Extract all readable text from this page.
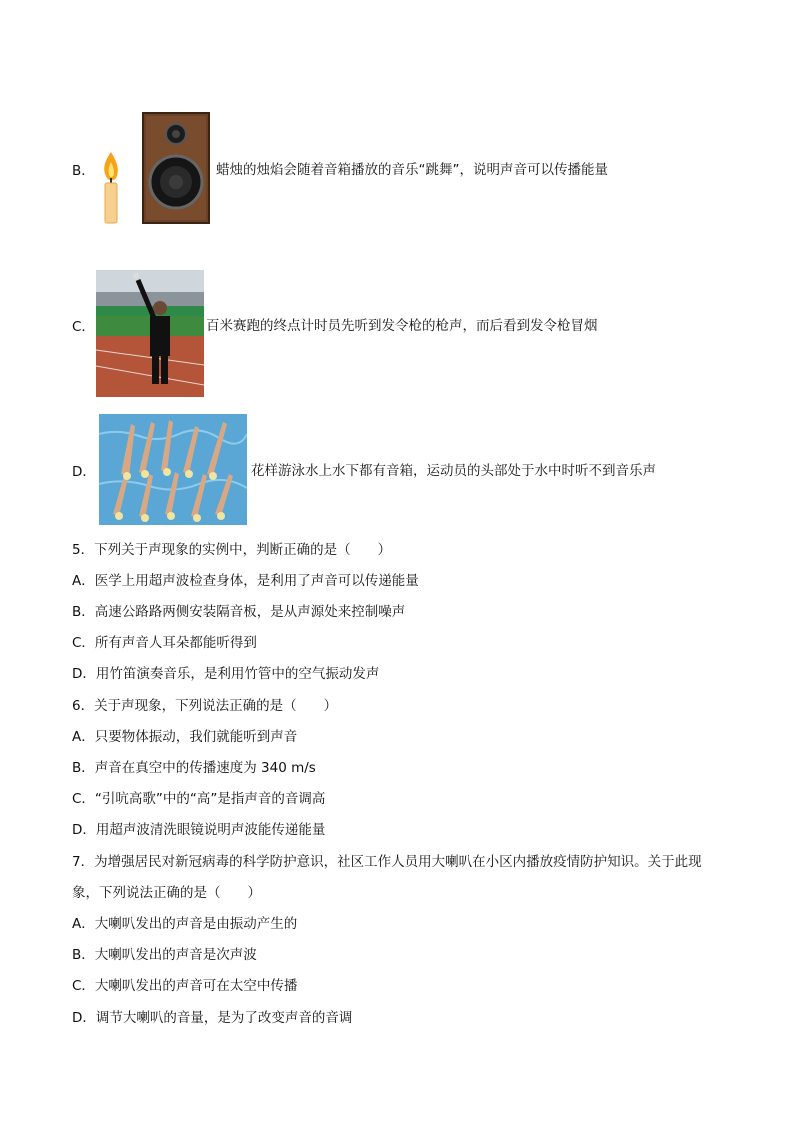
B．	蜡烛的烛焰会随着音箱播放的音乐“跳舞”，说明声音可以传播能量
C．	百米赛跑的终点计时员先听到发令枪的枪声，而后看到发令枪冒烟
D．	花样游泳水上水下都有音箱，运动员的头部处于水中时听不到音乐声
5．下列关于声现象的实例中，判断正确的是（　　）
A．医学上用超声波检查身体，是利用了声音可以传递能量
B．高速公路路两侧安装隔音板，是从声源处来控制噪声
C．所有声音人耳朵都能听得到
D．用竹笛演奏音乐，是利用竹管中的空气振动发声
6．关于声现象，下列说法正确的是（　　）
A．只要物体振动，我们就能听到声音
B．声音在真空中的传播速度为 340 m/s
C．“引吭高歌”中的“高”是指声音的音调高
D．用超声波清洗眼镜说明声波能传递能量
7．为增强居民对新冠病毒的科学防护意识，社区工作人员用大喇叭在小区内播放疫情防护知识。关于此现
象，下列说法正确的是（　　）
A．大喇叭发出的声音是由振动产生的
B．大喇叭发出的声音是次声波
C．大喇叭发出的声音可在太空中传播
D．调节大喇叭的音量，是为了改变声音的音调
